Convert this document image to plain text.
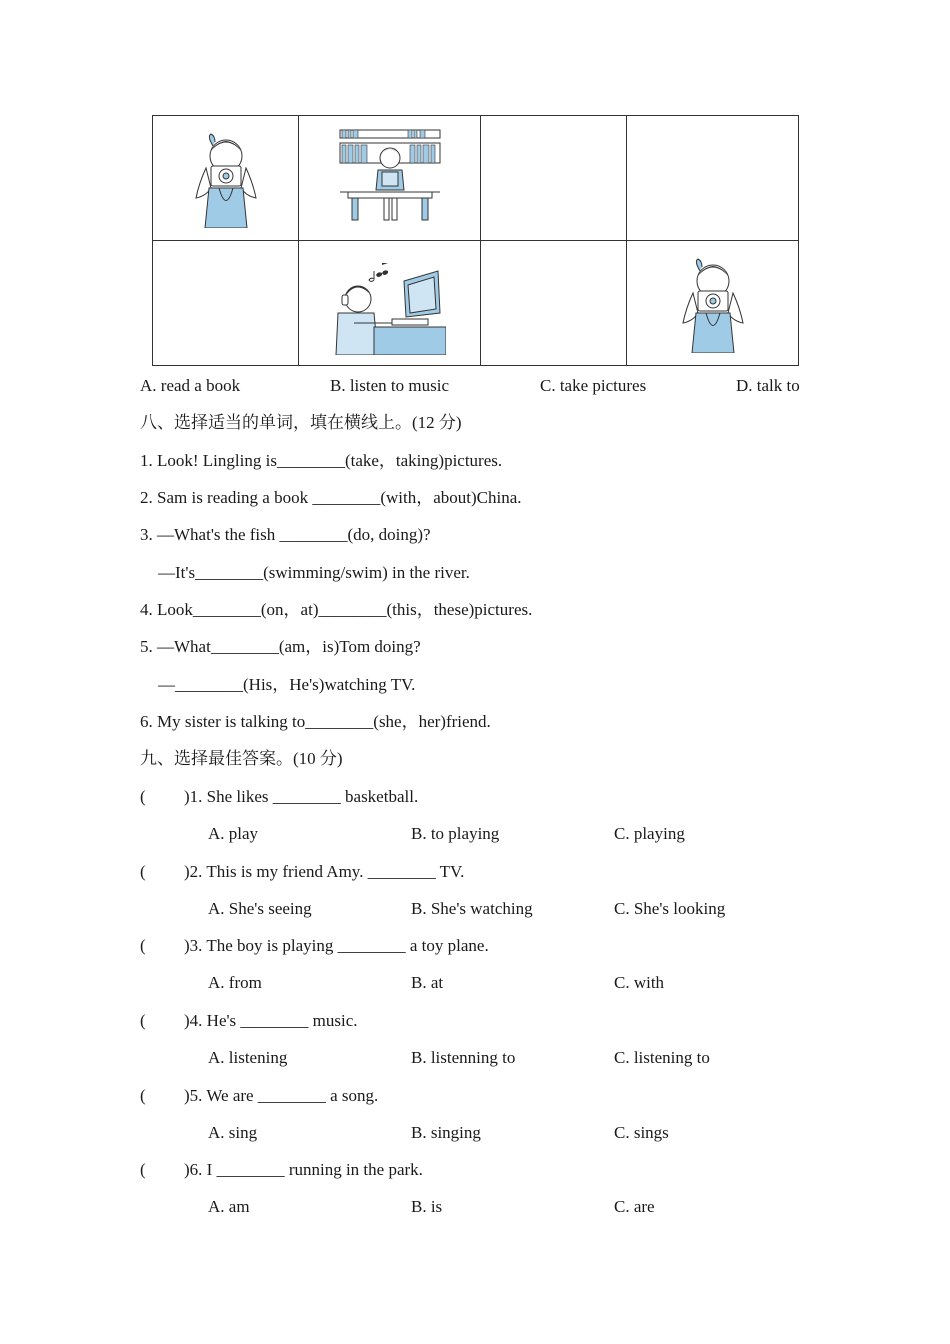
A. read a book	B. listen to music	C. take pictures	D. talk to
八、选择适当的单词，填在横线上。(12 分)
1. Look! Lingling is________(take，taking)pictures.
2. Sam is reading a book ________(with，about)China.
3. —What's the fish ________(do, doing)?
—It's________(swimming/swim) in the river.
4. Look________(on，at)________(this，these)pictures.
5. —What________(am，is)Tom doing?
—________(His，He's)watching TV.
6. My sister is talking to________(she，her)friend.
九、选择最佳答案。(10 分)
( )1. She likes ________ basketball.
A. play	B. to playing	C. playing
( )2. This is my friend Amy. ________ TV.
A. She's seeing	B. She's watching	C. She's looking
( )3. The boy is playing ________ a toy plane.
A. from	B. at	C. with
( )4. He's ________ music.
A. listening	B. listenning to	C. listening to
( )5. We are ________ a song.
A. sing	B. singing	C. sings
( )6. I ________ running in the park.
A. am	B. is	C. are
